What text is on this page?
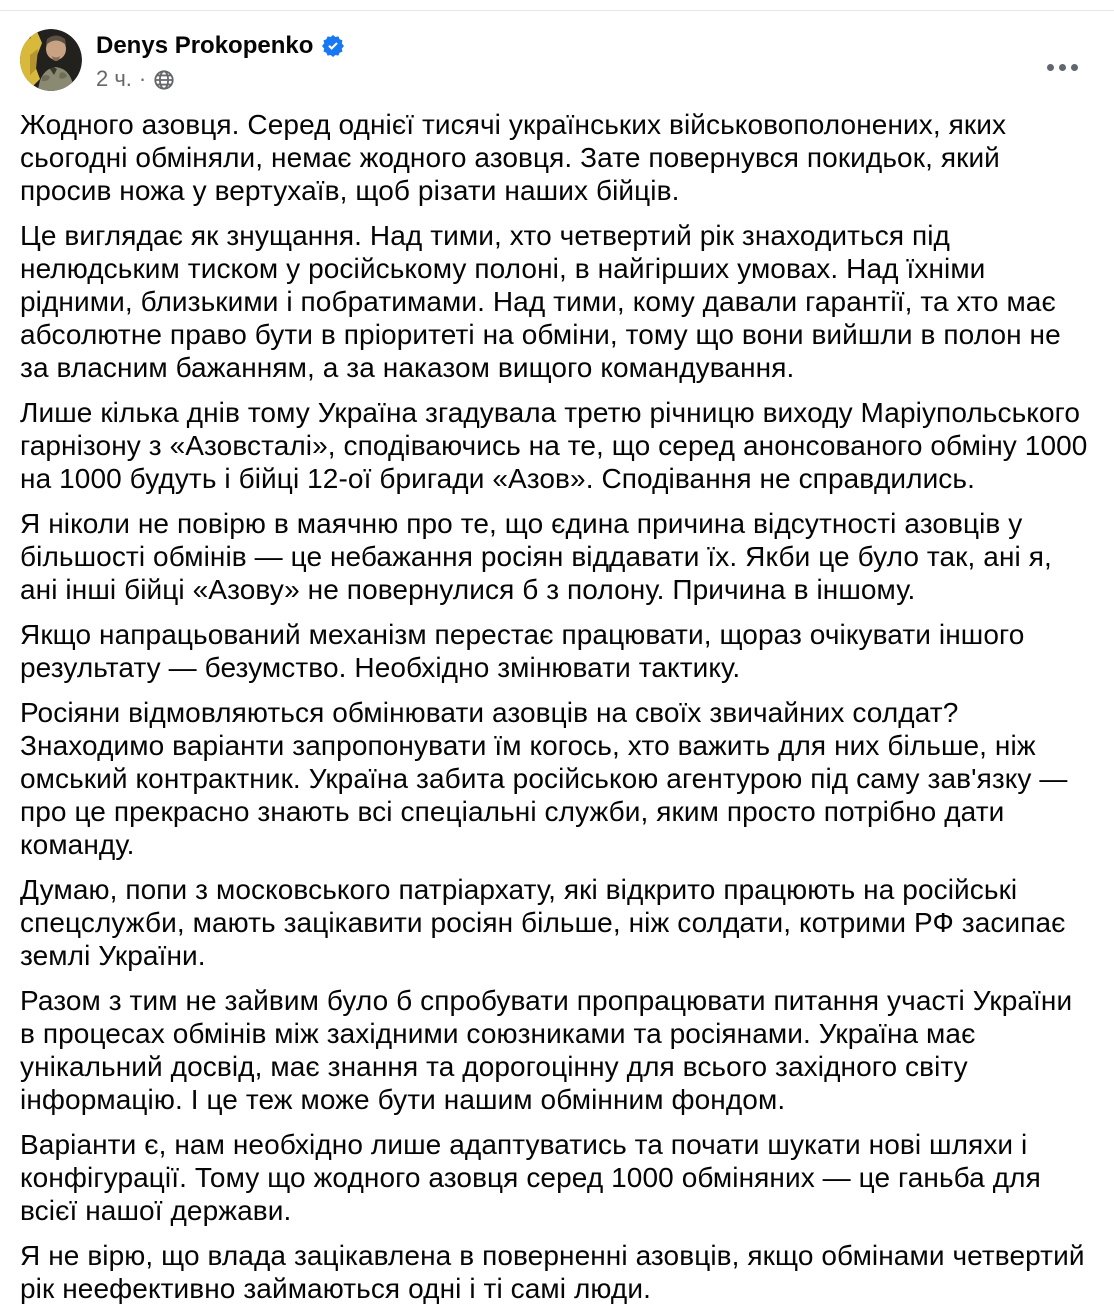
Denys Prokopenko
2 ч. ·

Жодного азовця. Серед однієї тисячі українських військовополонених, яких сьогодні обміняли, немає жодного азовця. Зате повернувся покидьок, який просив ножа у вертухаїв, щоб різати наших бійців.

Це виглядає як знущання. Над тими, хто четвертий рік знаходиться під нелюдським тиском у російському полоні, в найгірших умовах. Над їхніми рідними, близькими і побратимами. Над тими, кому давали гарантії, та хто має абсолютне право бути в пріоритеті на обміни, тому що вони вийшли в полон не за власним бажанням, а за наказом вищого командування.

Лише кілька днів тому Україна згадувала третю річницю виходу Маріупольського гарнізону з «Азовсталі», сподіваючись на те, що серед анонсованого обміну 1000 на 1000 будуть і бійці 12-ої бригади «Азов». Сподівання не справдились.

Я ніколи не повірю в маячню про те, що єдина причина відсутності азовців у більшості обмінів — це небажання росіян віддавати їх. Якби це було так, ані я, ані інші бійці «Азову» не повернулися б з полону. Причина в іншому.

Якщо напрацьований механізм перестає працювати, щораз очікувати іншого результату — безумство. Необхідно змінювати тактику.

Росіяни відмовляються обмінювати азовців на своїх звичайних солдат? Знаходимо варіанти запропонувати їм когось, хто важить для них більше, ніж омський контрактник. Україна забита російською агентурою під саму зав'язку — про це прекрасно знають всі спеціальні служби, яким просто потрібно дати команду.

Думаю, попи з московського патріархату, які відкрито працюють на російські спецслужби, мають зацікавити росіян більше, ніж солдати, котрими РФ засипає землі України.

Разом з тим не зайвим було б спробувати пропрацювати питання участі України в процесах обмінів між західними союзниками та росіянами. Україна має унікальний досвід, має знання та дорогоцінну для всього західного світу інформацію. І це теж може бути нашим обмінним фондом.

Варіанти є, нам необхідно лише адаптуватись та почати шукати нові шляхи і конфігурації. Тому що жодного азовця серед 1000 обміняних — це ганьба для всієї нашої держави.

Я не вірю, що влада зацікавлена в поверненні азовців, якщо обмінами четвертий рік неефективно займаються одні і ті самі люди.
